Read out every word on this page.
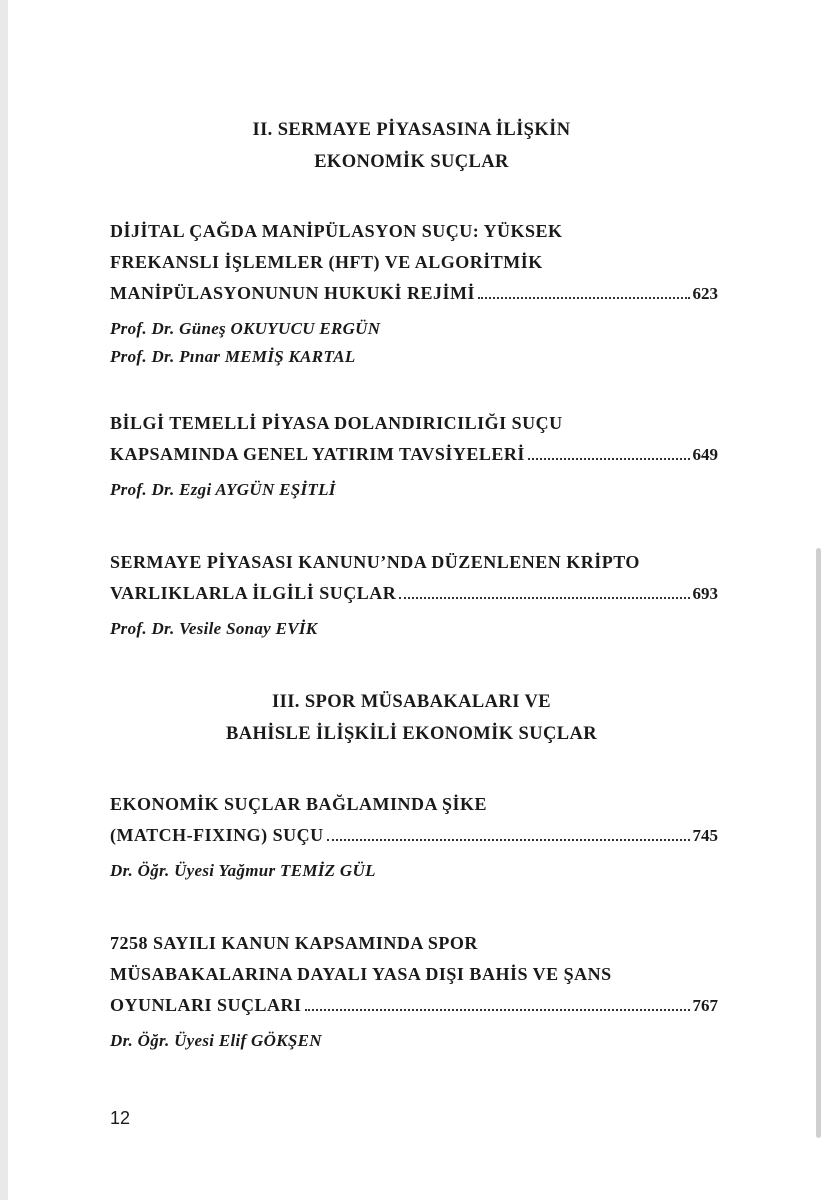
II. SERMAYE PİYASASINA İLİŞKİN
EKONOMİK SUÇLAR
DİJİTAL ÇAĞDA MANİPÜLASYON SUÇU: YÜKSEK
FREKANSLI İŞLEMLER (HFT) VE ALGORİTMİK
MANİPÜLASYONUNUN HUKUKİ REJİMİ	623
Prof. Dr. Güneş OKUYUCU ERGÜN
Prof. Dr. Pınar MEMİŞ KARTAL
BİLGİ TEMELLİ PİYASA DOLANDIRICILIĞI SUÇU
KAPSAMINDA GENEL YATIRIM TAVSİYELERİ	649
Prof. Dr. Ezgi AYGÜN EŞİTLİ
SERMAYE PİYASASI KANUNU’NDA DÜZENLENEN KRİPTO
VARLIKLARLA İLGİLİ SUÇLAR	693
Prof. Dr. Vesile Sonay EVİK
III. SPOR MÜSABAKALARI VE
BAHİSLE İLİŞKİLİ EKONOMİK SUÇLAR
EKONOMİK SUÇLAR BAĞLAMINDA ŞİKE
(MATCH-FIXING) SUÇU	745
Dr. Öğr. Üyesi Yağmur TEMİZ GÜL
7258 SAYILI KANUN KAPSAMINDA SPOR
MÜSABAKALARINA DAYALI YASA DIŞI BAHİS VE ŞANS
OYUNLARI SUÇLARI	767
Dr. Öğr. Üyesi Elif GÖKŞEN
12
